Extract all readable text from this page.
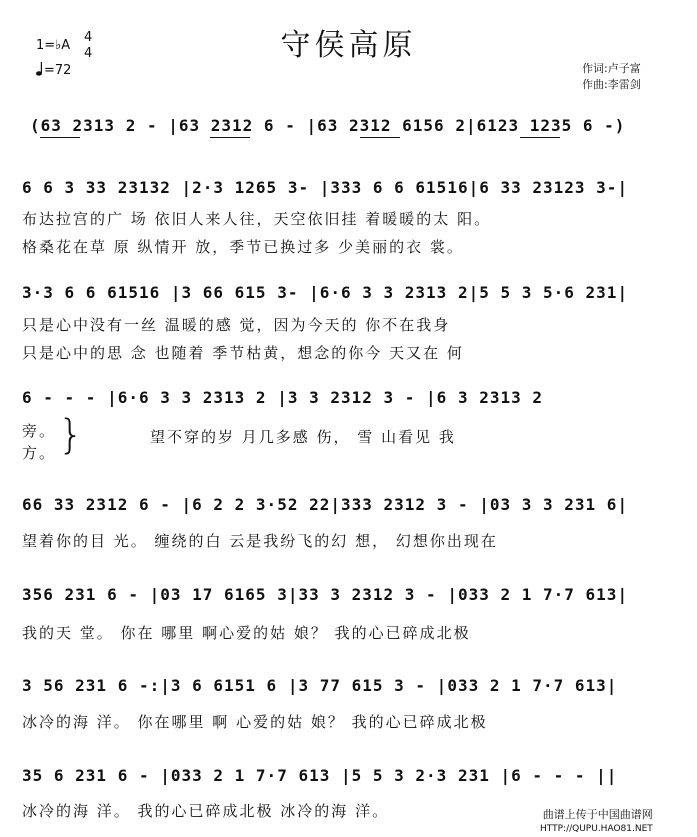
守侯高原
1=♭A
4
4
=72	作词:卢子富
作曲:李雷剑
(63 2313 2 - |63 2312 6 - |63 2312 6156 2|6123 1235 6 -)
6 6 3 33 23132 |2·3 1265 3- |333 6 6 61516|6 33 23123 3-|
布达拉宫的广 场 依旧人来人往，天空依旧挂 着暖暖的太 阳。
格桑花在草 原 纵情开 放，季节已换过多 少美丽的衣 裳。
3·3 6 6 61516 |3 66 615 3- |6·6 3 3 2313 2|5 5 3 5·6 231|
只是心中没有一丝 温暖的感 觉，因为今天的 你不在我身
只是心中的思 念 也随着 季节枯黄，想念的你今 天又在 何
6 - - - |6·6 3 3 2313 2 |3 3 2312 3 - |6 3 2313 2
旁。
方。 }	望不穿的岁 月几多感 伤， 雪 山看见 我
66 33 2312 6 - |6 2 2 3·52 22|333 2312 3 - |03 3 3 231 6|
望着你的目 光。 缠绕的白 云是我纷飞的幻 想， 幻想你出现在
356 231 6 - |03 17 6165 3|33 3 2312 3 - |033 2 1 7·7 613|
我的天 堂。 你在 哪里 啊心爱的姑 娘？ 我的心已碎成北极
3 56 231 6 -:|3 6 6151 6 |3 77 615 3 - |033 2 1 7·7 613|
冰冷的海 洋。 你在哪里 啊 心爱的姑 娘？ 我的心已碎成北极
35 6 231 6 - |033 2 1 7·7 613 |5 5 3 2·3 231 |6 - - - ||
冰冷的海 洋。 我的心已碎成北极 冰冷的海 洋。	曲谱上传于中国曲谱网
HTTP://QUPU.HAO81.NET
